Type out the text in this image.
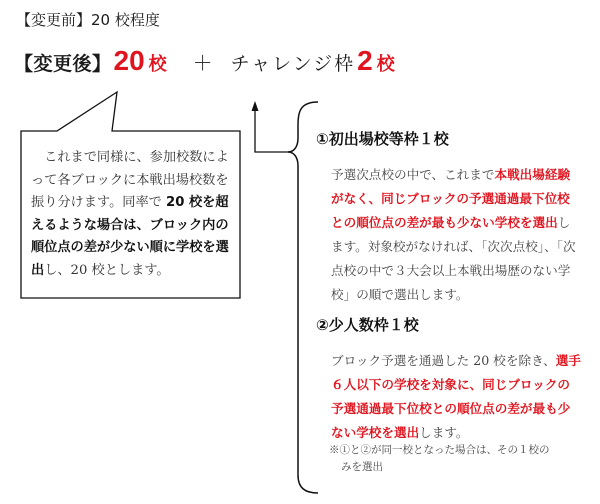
【変更前】20 校程度
【変更後】 20 校 ＋ チャレンジ枠 2 校
　これまで同様に、参加校数によって各ブロックに本戦出場校数を振り分けます。同率で 20 校を超えるような場合は、ブロック内の順位点の差が少ない順に学校を選出し、20 校とします。
①初出場校等枠１校
予選次点校の中で、これまで本戦出場経験がなく、同じブロックの予選通過最下位校との順位点の差が最も少ない学校を選出します。対象校がなければ、「次次点校」、「次点校の中で３大会以上本戦出場歴のない学校」の順で選出します。
②少人数枠１校
ブロック予選を通過した 20 校を除き、選手６人以下の学校を対象に、同じブロックの予選通過最下位校との順位点の差が最も少ない学校を選出します。
※①と②が同一校となった場合は、その１校の
みを選出
